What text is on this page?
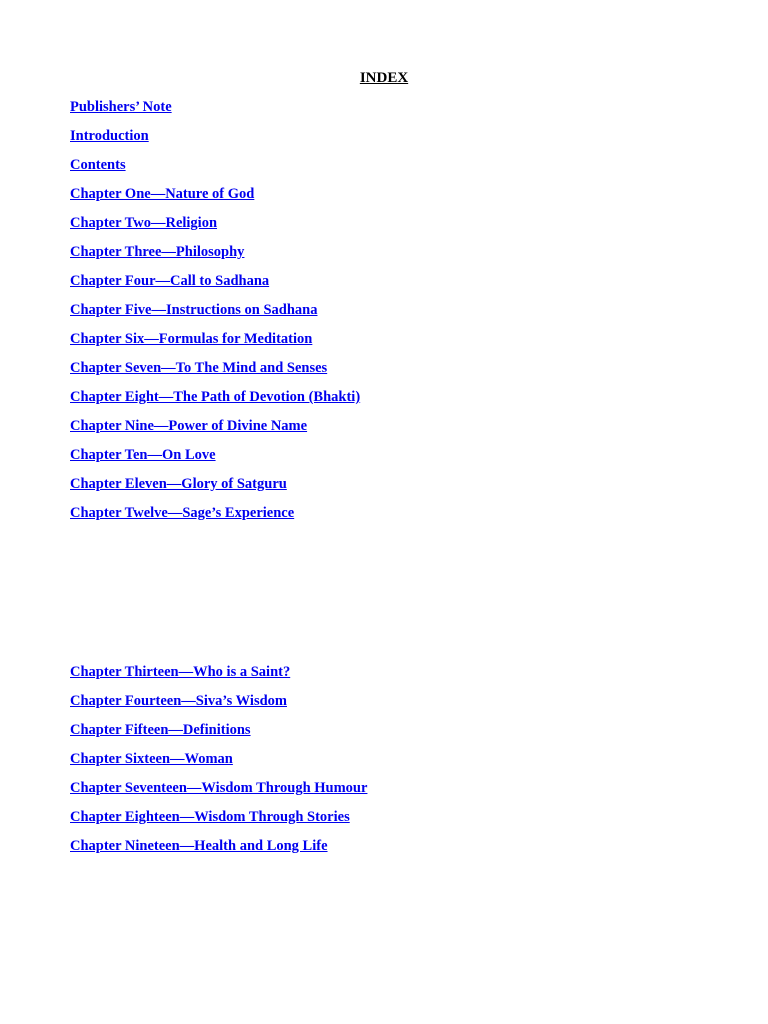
INDEX
Publishers’ Note
Introduction
Contents
Chapter One—Nature of God
Chapter Two—Religion
Chapter Three—Philosophy
Chapter Four—Call to Sadhana
Chapter Five—Instructions on Sadhana
Chapter Six—Formulas for Meditation
Chapter Seven—To The Mind and Senses
Chapter Eight—The Path of Devotion (Bhakti)
Chapter Nine—Power of Divine Name
Chapter Ten—On Love
Chapter Eleven—Glory of Satguru
Chapter Twelve—Sage’s Experience
Chapter Thirteen—Who is a Saint?
Chapter Fourteen—Siva’s Wisdom
Chapter Fifteen—Definitions
Chapter Sixteen—Woman
Chapter Seventeen—Wisdom Through Humour
Chapter Eighteen—Wisdom Through Stories
Chapter Nineteen—Health and Long Life
